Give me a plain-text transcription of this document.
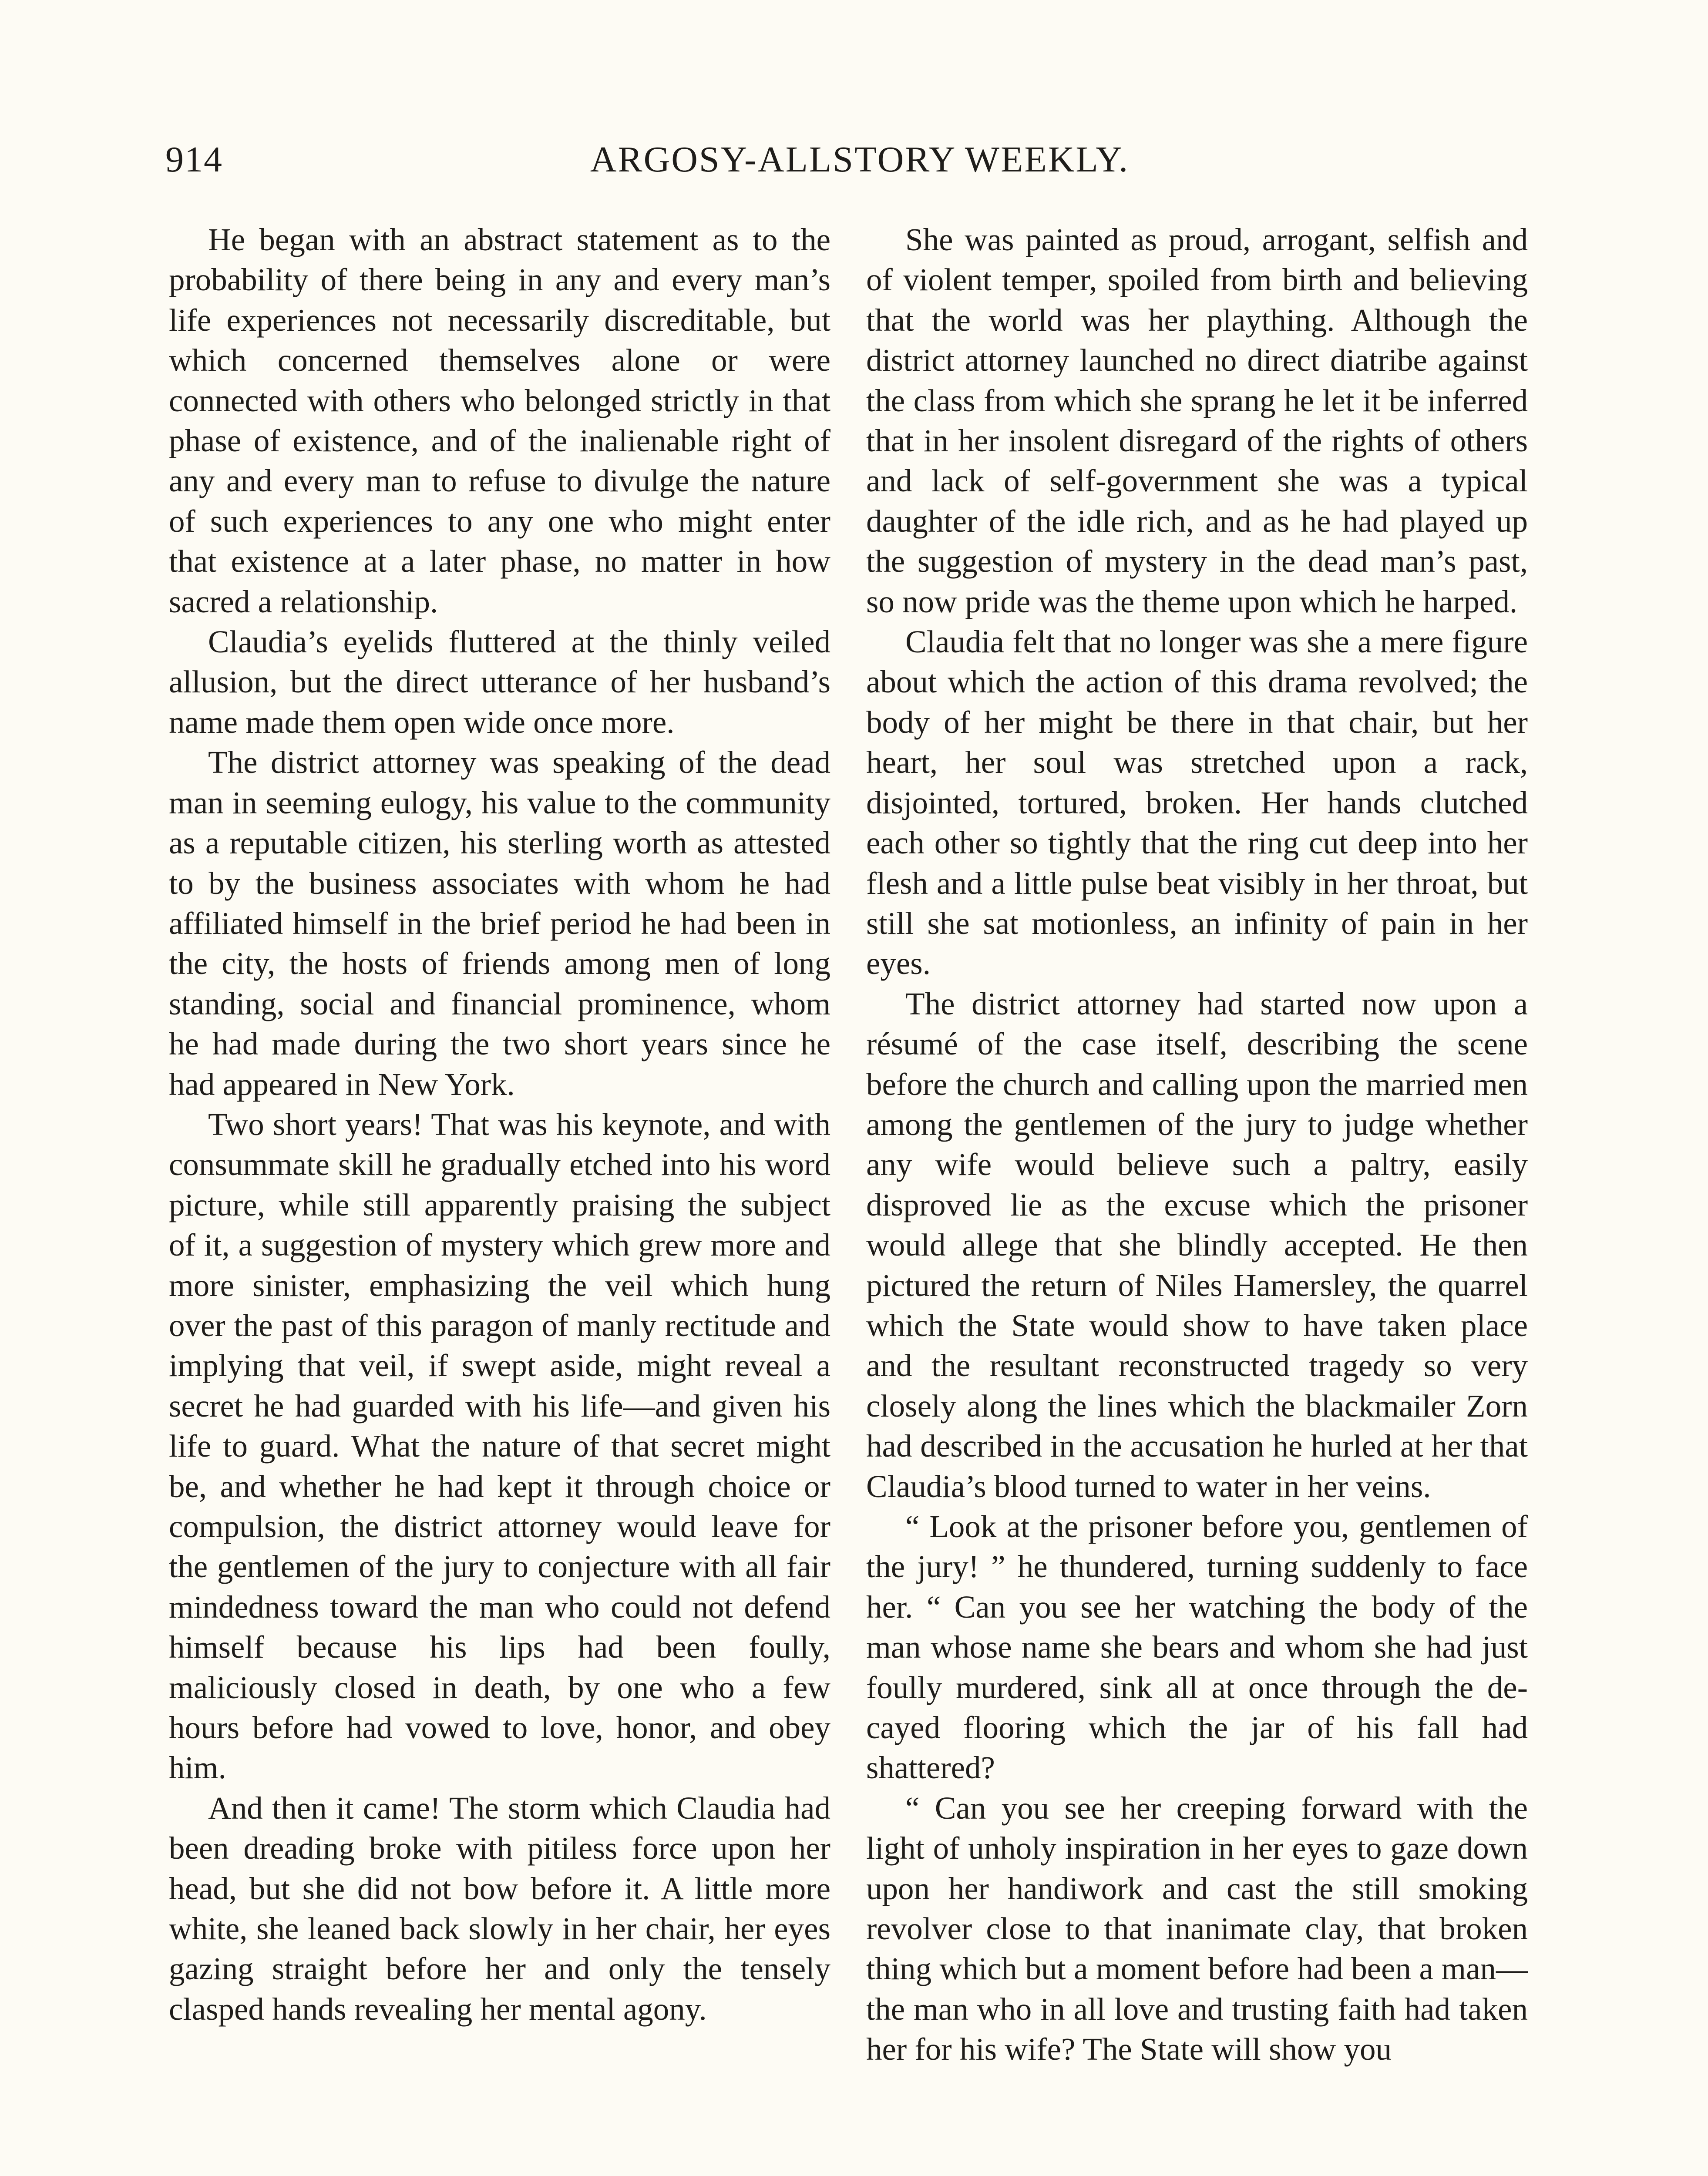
914	ARGOSY-ALLSTORY WEEKLY.

He began with an abstract statement as to the probability of there being in any and every man’s life experiences not necessarily discreditable, but which concerned themselves alone or were connected with others who belonged strictly in that phase of existence, and of the inalienable right of any and every man to refuse to divulge the nature of such experiences to any one who might enter that existence at a later phase, no matter in how sacred a relationship.

Claudia’s eyelids fluttered at the thinly veiled allusion, but the direct utterance of her husband’s name made them open wide once more.

The district attorney was speaking of the dead man in seeming eulogy, his value to the community as a reputable citizen, his sterling worth as attested to by the business associates with whom he had affiliated himself in the brief period he had been in the city, the hosts of friends among men of long standing, social and financial prominence, whom he had made during the two short years since he had appeared in New York.

Two short years! That was his keynote, and with consummate skill he gradually etched into his word picture, while still apparently praising the subject of it, a suggestion of mystery which grew more and more sinister, emphasizing the veil which hung over the past of this paragon of manly rectitude and implying that veil, if swept aside, might reveal a secret he had guarded with his life—and given his life to guard. What the nature of that secret might be, and whether he had kept it through choice or compulsion, the district attorney would leave for the gentlemen of the jury to conjecture with all fair mindedness toward the man who could not defend himself because his lips had been foully, maliciously closed in death, by one who a few hours before had vowed to love, honor, and obey him.

And then it came! The storm which Claudia had been dreading broke with pitiless force upon her head, but she did not bow before it. A little more white, she leaned back slowly in her chair, her eyes gazing straight before her and only the tensely clasped hands revealing her mental agony.

She was painted as proud, arrogant, selfish and of violent temper, spoiled from birth and believing that the world was her plaything. Although the district attorney launched no direct diatribe against the class from which she sprang he let it be inferred that in her insolent disregard of the rights of others and lack of self-government she was a typical daughter of the idle rich, and as he had played up the suggestion of mystery in the dead man’s past, so now pride was the theme upon which he harped.

Claudia felt that no longer was she a mere figure about which the action of this drama revolved; the body of her might be there in that chair, but her heart, her soul was stretched upon a rack, disjointed, tortured, broken. Her hands clutched each other so tightly that the ring cut deep into her flesh and a little pulse beat visibly in her throat, but still she sat motionless, an infinity of pain in her eyes.

The district attorney had started now upon a résumé of the case itself, describing the scene before the church and calling upon the married men among the gentlemen of the jury to judge whether any wife would believe such a paltry, easily disproved lie as the excuse which the prisoner would allege that she blindly accepted. He then pictured the return of Niles Hamersley, the quarrel which the State would show to have taken place and the resultant reconstructed tragedy so very closely along the lines which the blackmailer Zorn had described in the accusation he hurled at her that Claudia’s blood turned to water in her veins.

“ Look at the prisoner before you, gentlemen of the jury! ” he thundered, turning suddenly to face her. “ Can you see her watching the body of the man whose name she bears and whom she had just foully murdered, sink all at once through the decayed flooring which the jar of his fall had shattered?

“ Can you see her creeping forward with the light of unholy inspiration in her eyes to gaze down upon her handiwork and cast the still smoking revolver close to that inanimate clay, that broken thing which but a moment before had been a man—the man who in all love and trusting faith had taken her for his wife? The State will show you
